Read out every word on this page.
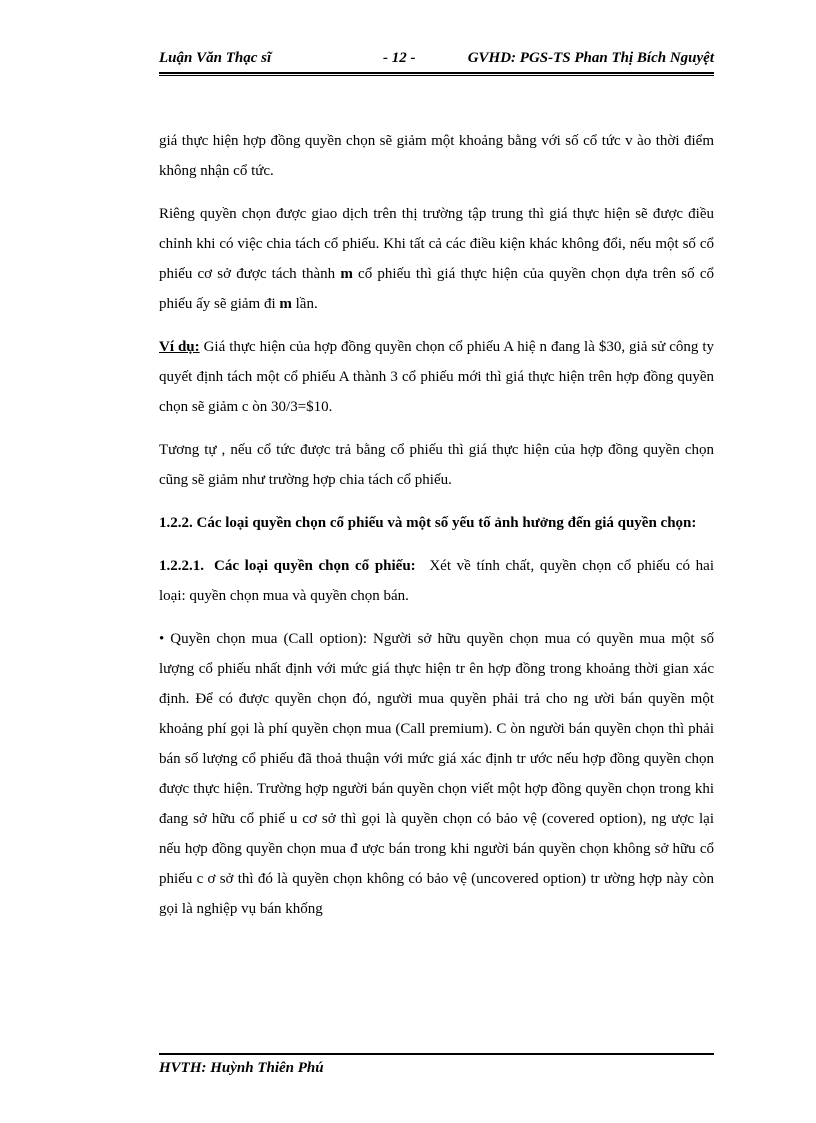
Luận Văn Thạc sĩ	- 12 -	GVHD: PGS-TS Phan Thị Bích Nguyệt

giá thực hiện hợp đồng quyền chọn sẽ giảm một khoảng bằng với số cổ tức v ào thời điểm không nhận cổ tức.

Riêng quyền chọn được giao dịch trên thị trường tập trung thì giá thực hiện sẽ được điều chỉnh khi có việc chia tách cổ phiếu. Khi tất cả các điều kiện khác không đổi, nếu một số cổ phiếu cơ sở được tách thành m cổ phiếu thì giá thực hiện của quyền chọn dựa trên số cổ phiếu ấy sẽ giảm đi m lần.

Ví dụ: Giá thực hiện của hợp đồng quyền chọn cổ phiếu A hiệ n đang là $30, giả sử công ty quyết định tách một cổ phiếu A thành 3 cổ phiếu mới thì giá thực hiện trên hợp đồng quyền chọn sẽ giảm c òn 30/3=$10.

Tương tự , nếu cổ tức được trả bằng cổ phiếu thì giá thực hiện của hợp đồng quyền chọn cũng sẽ giảm như trường hợp chia tách cổ phiếu.

1.2.2. Các loại quyền chọn cổ phiếu và một số yếu tố ảnh hưởng đến giá quyền chọn:

1.2.2.1. Các loại quyền chọn cổ phiếu: Xét về tính chất, quyền chọn cổ phiếu có hai loại: quyền chọn mua và quyền chọn bán.

• Quyền chọn mua (Call option): Người sở hữu quyền chọn mua có quyền mua một số lượng cổ phiếu nhất định với mức giá thực hiện tr ên hợp đồng trong khoảng thời gian xác định. Để có được quyền chọn đó, người mua quyền phải trả cho ng ười bán quyền một khoảng phí gọi là phí quyền chọn mua (Call premium). C òn người bán quyền chọn thì phải bán số lượng cổ phiếu đã thoả thuận với mức giá xác định tr ước nếu hợp đồng quyền chọn được thực hiện. Trường hợp người bán quyền chọn viết một hợp đồng quyền chọn trong khi đang sở hữu cổ phiế u cơ sở thì gọi là quyền chọn có bảo vệ (covered option), ng ược lại nếu hợp đồng quyền chọn mua đ ược bán trong khi người bán quyền chọn không sở hữu cổ phiếu c ơ sở thì đó là quyền chọn không có bảo vệ (uncovered option) tr ường hợp này còn gọi là nghiệp vụ bán khống

HVTH: Huỳnh Thiên Phú
